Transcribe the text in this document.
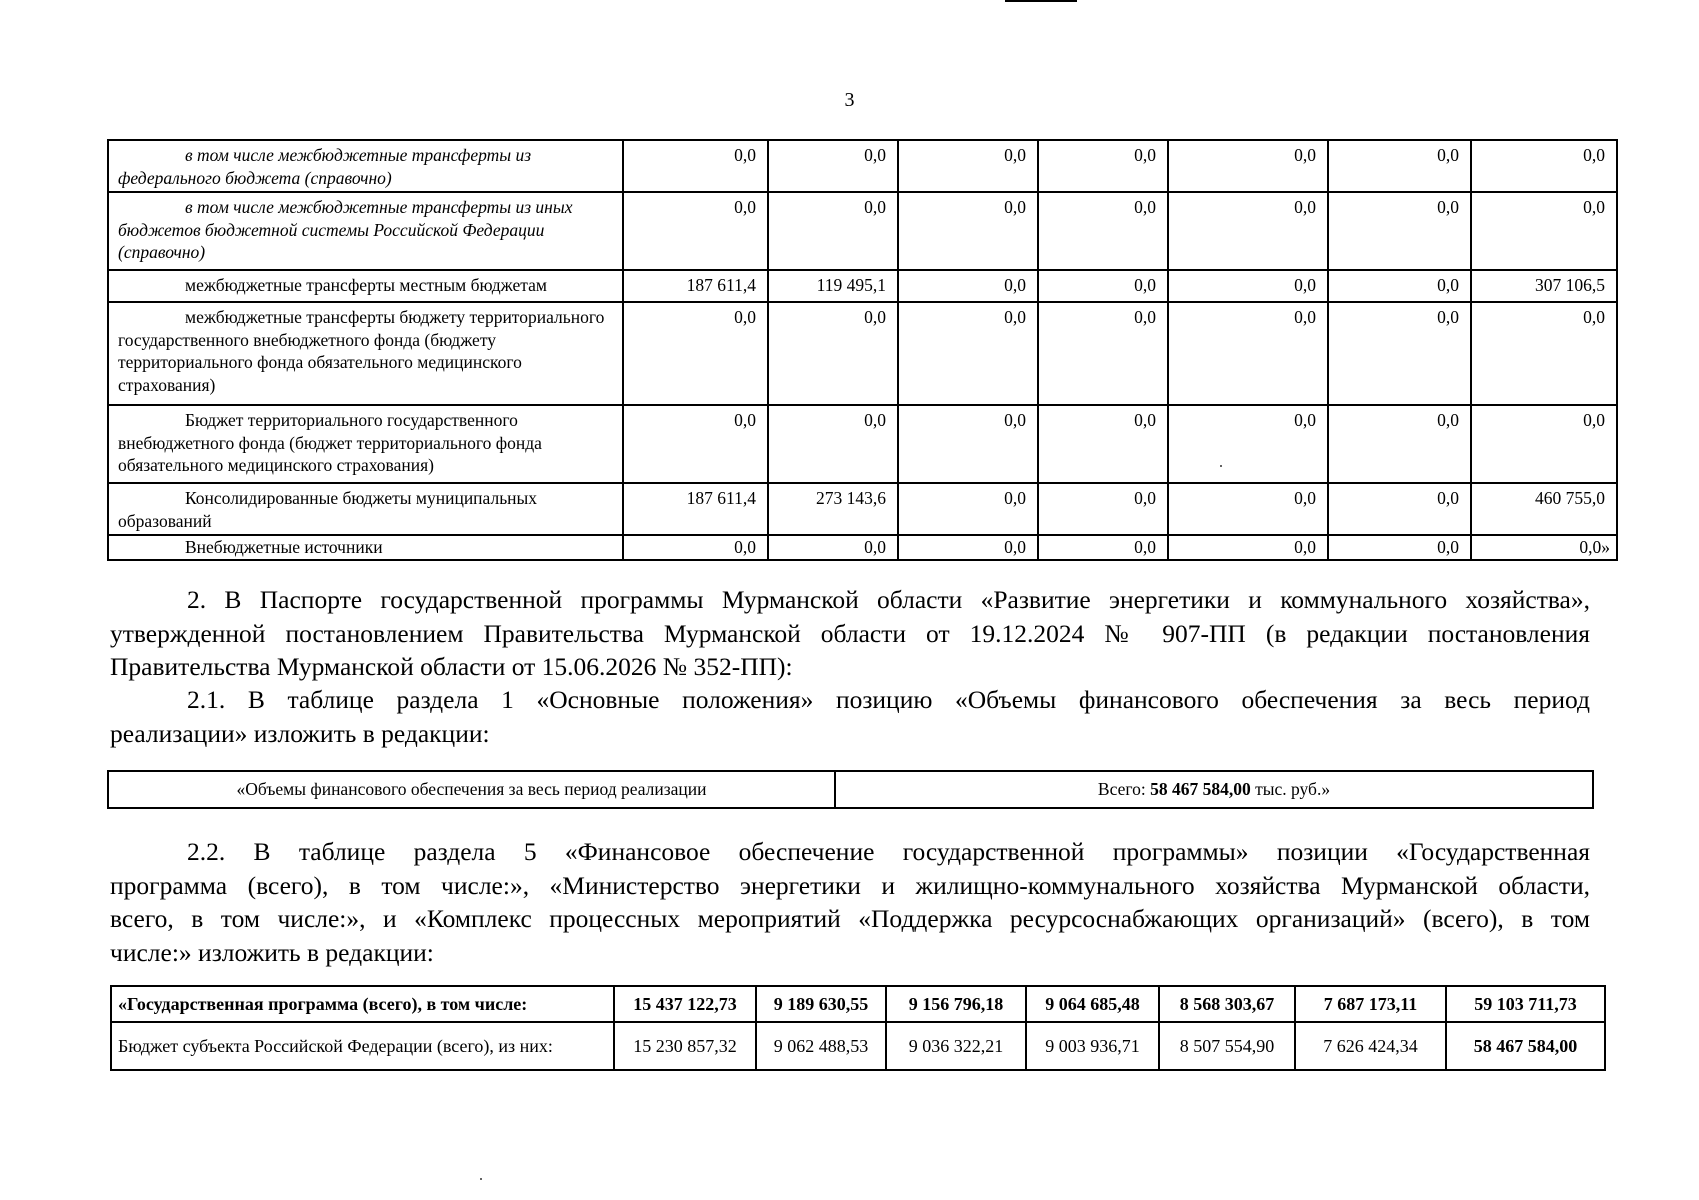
3
в том числе межбюджетные трансферты из федерального бюджета (справочно)	0,0	0,0	0,0	0,0	0,0	0,0	0,0
в том числе межбюджетные трансферты из иных бюджетов бюджетной системы Российской Федерации (справочно)	0,0	0,0	0,0	0,0	0,0	0,0	0,0
межбюджетные трансферты местным бюджетам	187 611,4	119 495,1	0,0	0,0	0,0	0,0	307 106,5
межбюджетные трансферты бюджету территориального государственного внебюджетного фонда (бюджету территориального фонда обязательного медицинского страхования)	0,0	0,0	0,0	0,0	0,0	0,0	0,0
Бюджет территориального государственного внебюджетного фонда (бюджет территориального фонда обязательного медицинского страхования)	0,0	0,0	0,0	0,0	0,0	0,0	0,0
Консолидированные бюджеты муниципальных образований	187 611,4	273 143,6	0,0	0,0	0,0	0,0	460 755,0
Внебюджетные источники	0,0	0,0	0,0	0,0	0,0	0,0	0,0»
2. В Паспорте государственной программы Мурманской области «Развитие энергетики и коммунального хозяйства»,
утвержденной постановлением Правительства Мурманской области от 19.12.2024 № 907-ПП (в редакции постановления
Правительства Мурманской области от 15.06.2026 № 352-ПП):
2.1. В таблице раздела 1 «Основные положения» позицию «Объемы финансового обеспечения за весь период
реализации» изложить в редакции:
«Объемы финансового обеспечения за весь период реализации	Всего: 58 467 584,00 тыс. руб.»
2.2. В таблице раздела 5 «Финансовое обеспечение государственной программы» позиции «Государственная
программа (всего), в том числе:», «Министерство энергетики и жилищно-коммунального хозяйства Мурманской области,
всего, в том числе:», и «Комплекс процессных мероприятий «Поддержка ресурсоснабжающих организаций» (всего), в том
числе:» изложить в редакции:
«Государственная программа (всего), в том числе:	15 437 122,73	9 189 630,55	9 156 796,18	9 064 685,48	8 568 303,67	7 687 173,11	59 103 711,73
Бюджет субъекта Российской Федерации (всего), из них:	15 230 857,32	9 062 488,53	9 036 322,21	9 003 936,71	8 507 554,90	7 626 424,34	58 467 584,00
